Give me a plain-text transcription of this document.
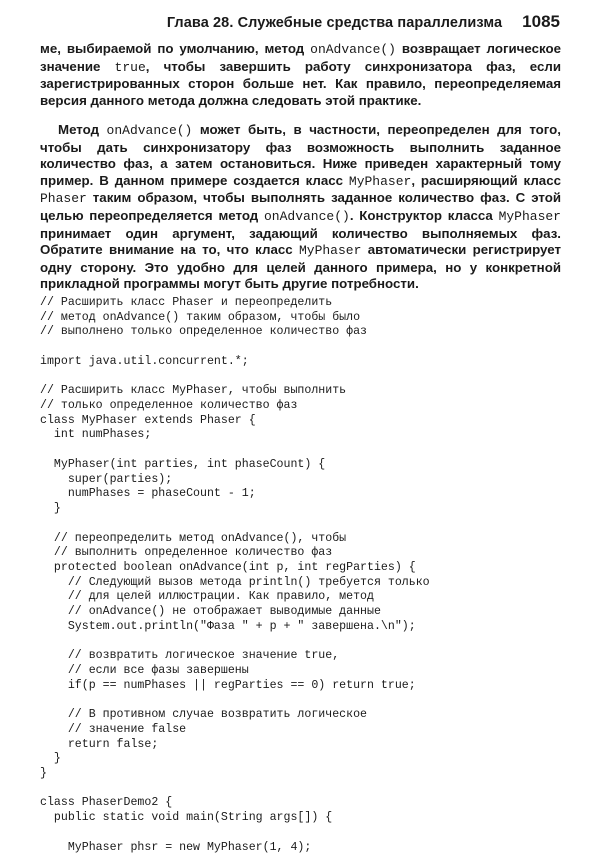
Глава 28. Служебные средства параллелизма 1085

ме, выбираемой по умолчанию, метод onAdvance() возвращает логическое значение true, чтобы завершить работу синхронизатора фаз, если зарегистрированных сторон больше нет. Как правило, переопределяемая версия данного метода должна следовать этой практике.

Метод onAdvance() может быть, в частности, переопределен для того, чтобы дать синхронизатору фаз возможность выполнить заданное количество фаз, а затем остановиться. Ниже приведен характерный тому пример. В данном примере создается класс MyPhaser, расширяющий класс Phaser таким образом, чтобы выполнять заданное количество фаз. С этой целью переопределяется метод onAdvance(). Конструктор класса MyPhaser принимает один аргумент, задающий количество выполняемых фаз. Обратите внимание на то, что класс MyPhaser автоматически регистрирует одну сторону. Это удобно для целей данного примера, но у конкретной прикладной программы могут быть другие потребности.

// Расширить класс Phaser и переопределить
// метод onAdvance() таким образом, чтобы было
// выполнено только определенное количество фаз

import java.util.concurrent.*;

// Расширить класс MyPhaser, чтобы выполнить
// только определенное количество фаз
class MyPhaser extends Phaser {
int numPhases;

MyPhaser(int parties, int phaseCount) {
super(parties);
numPhases = phaseCount - 1;
}

// переопределить метод onAdvance(), чтобы
// выполнить определенное количество фаз
protected boolean onAdvance(int p, int regParties) {
// Следующий вызов метода println() требуется только
// для целей иллюстрации. Как правило, метод
// onAdvance() не отображает выводимые данные
System.out.println("Фаза " + p + " завершена.\n");

// возвратить логическое значение true,
// если все фазы завершены
if(p == numPhases || regParties == 0) return true;

// В противном случае возвратить логическое
// значение false
return false;
}
}

class PhaserDemo2 {
public static void main(String args[]) {

MyPhaser phsr = new MyPhaser(1, 4);
